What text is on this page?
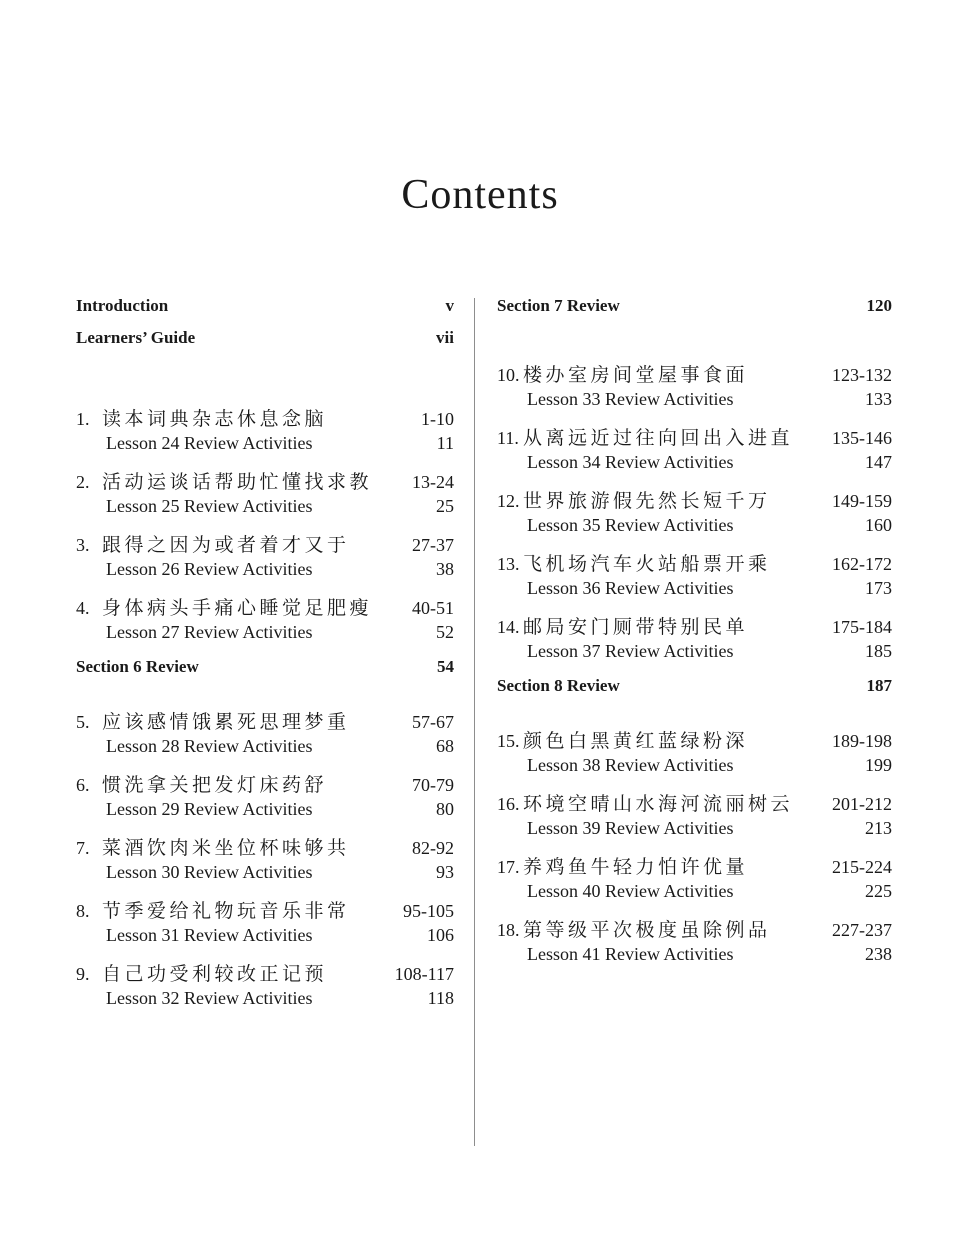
Contents
Introduction	v
Learners’ Guide	vii
1. 读本词典杂志休息念脑	1-10
Lesson 24 Review Activities	11
2. 活动运谈话帮助忙懂找求教 13-24
Lesson 25 Review Activities	25
3. 跟得之因为或者着才又于	27-37
Lesson 26 Review Activities	38
4. 身体病头手痛心睡觉足肥瘦 40-51
Lesson 27 Review Activities	52
Section 6 Review	54
5. 应该感情饿累死思理梦重	57-67
Lesson 28 Review Activities	68
6. 惯洗拿关把发灯床药舒	70-79
Lesson 29 Review Activities	80
7. 菜酒饮肉米坐位杯味够共	82-92
Lesson 30 Review Activities	93
8. 节季爱给礼物玩音乐非常	95-105
Lesson 31 Review Activities	106
9. 自己功受利较改正记预	108-117
Lesson 32 Review Activities	118
Section 7 Review	120
10. 楼办室房间堂屋事食面	123-132
Lesson 33 Review Activities	133
11. 从离远近过往向回出入进直 135-146
Lesson 34 Review Activities	147
12. 世界旅游假先然长短千万	149-159
Lesson 35 Review Activities	160
13. 飞机场汽车火站船票开乘	162-172
Lesson 36 Review Activities	173
14. 邮局安门厕带特别民单	175-184
Lesson 37 Review Activities	185
Section 8 Review	187
15. 颜色白黑黄红蓝绿粉深	189-198
Lesson 38 Review Activities	199
16. 环境空晴山水海河流丽树云 201-212
Lesson 39 Review Activities	213
17. 养鸡鱼牛轻力怕许优量	215-224
Lesson 40 Review Activities	225
18. 第等级平次极度虽除例品	227-237
Lesson 41 Review Activities	238
